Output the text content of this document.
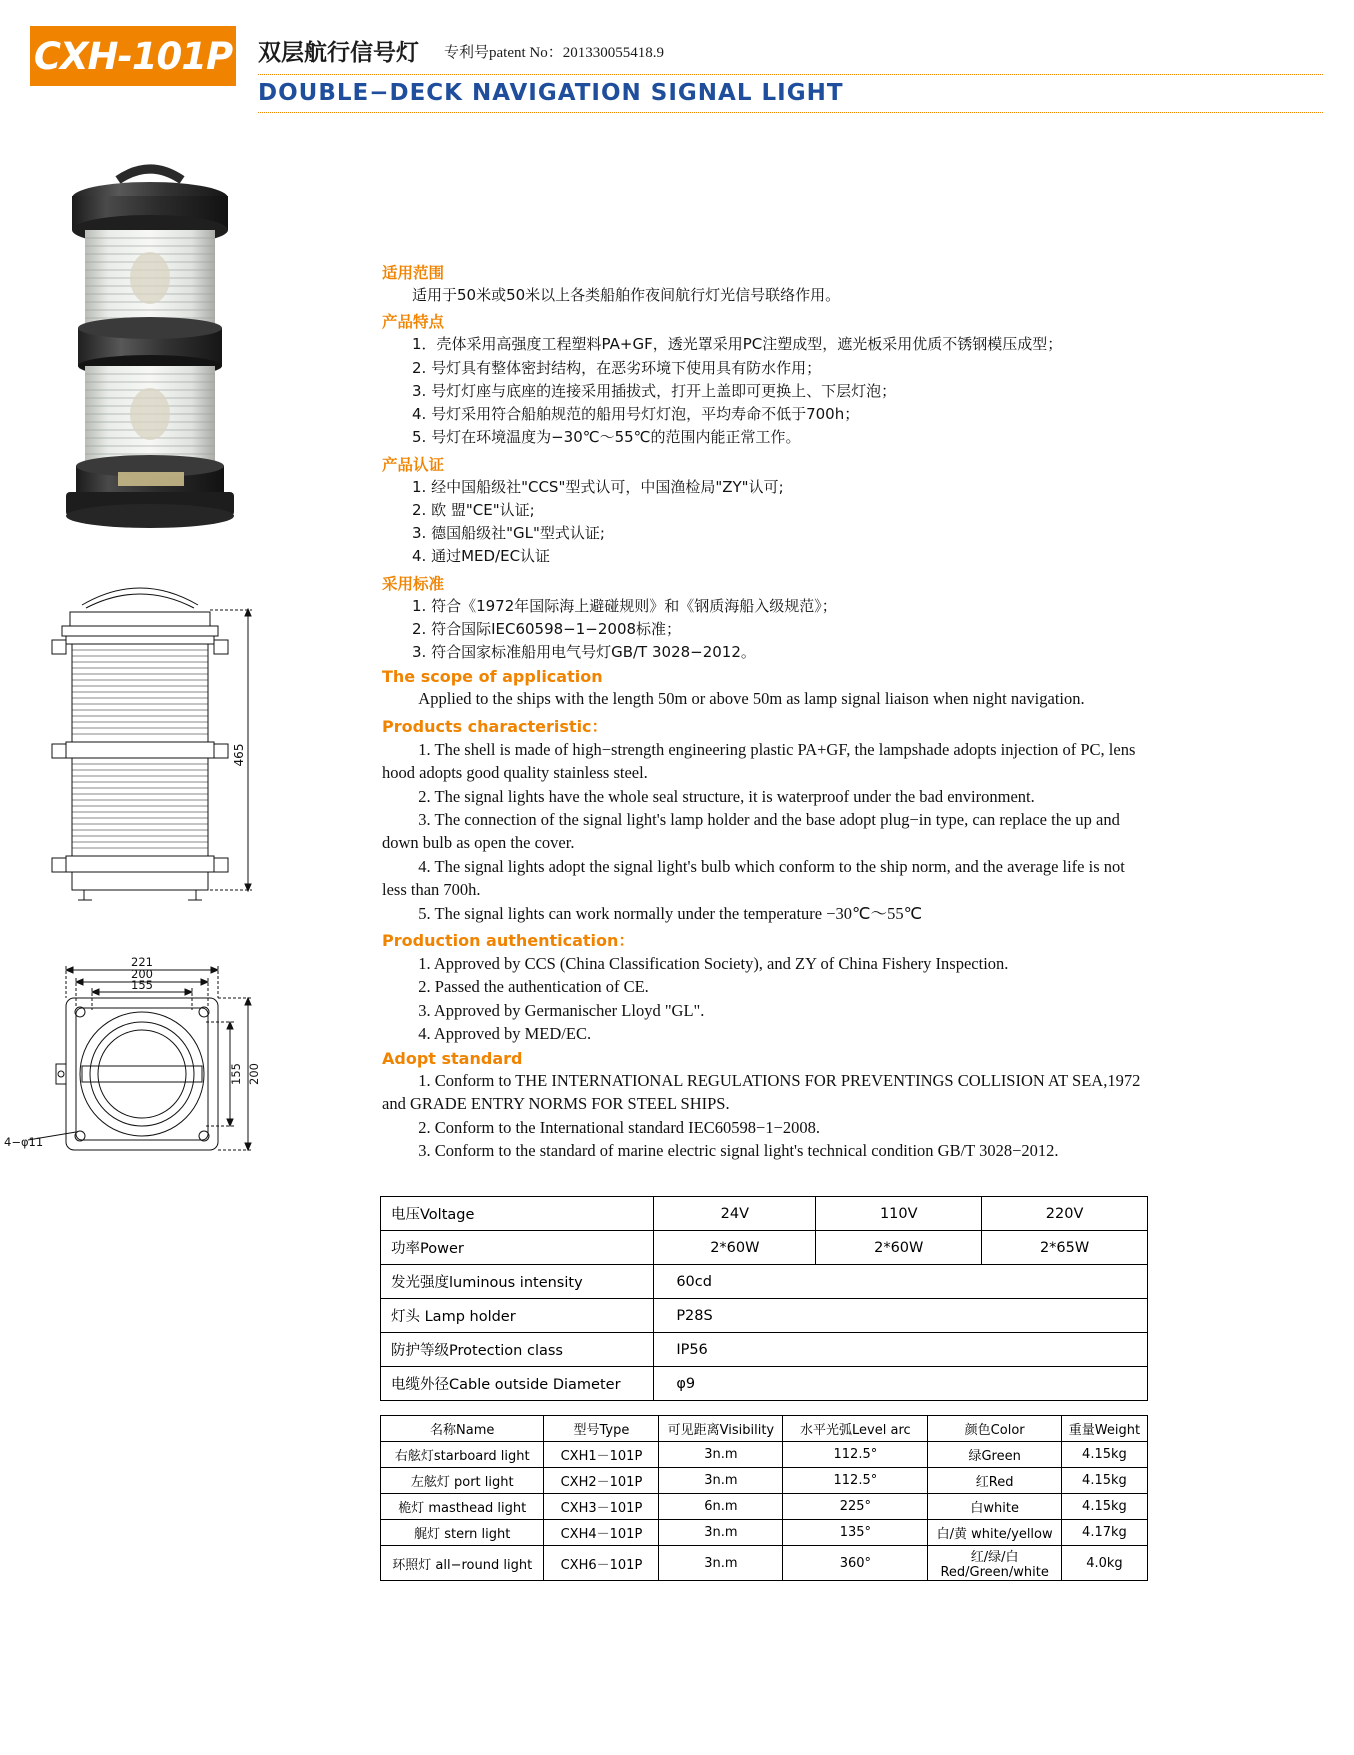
CXH-101P 双层航行信号灯 专利号patent No：201330055418.9
DOUBLE−DECK NAVIGATION SIGNAL LIGHT
465
221
200
155
200
155
4−φ11
适用范围

适用于50米或50米以上各类船舶作夜间航行灯光信号联络作用。

产品特点

1．壳体采用高强度工程塑料PA+GF，透光罩采用PC注塑成型，遮光板采用优质不锈钢模压成型；

2. 号灯具有整体密封结构，在恶劣环境下使用具有防水作用；

3. 号灯灯座与底座的连接采用插拔式，打开上盖即可更换上、下层灯泡；

4. 号灯采用符合船舶规范的船用号灯灯泡，平均寿命不低于700h；

5. 号灯在环境温度为−30℃～55℃的范围内能正常工作。

产品认证

1. 经中国船级社"CCS"型式认可，中国渔检局"ZY"认可;

2. 欧 盟"CE"认证;

3. 德国船级社"GL"型式认证;

4. 通过MED/EC认证

采用标准

1. 符合《1972年国际海上避碰规则》和《钢质海船入级规范》；

2. 符合国际IEC60598−1−2008标准；

3. 符合国家标准船用电气号灯GB/T 3028−2012。

The scope of application

Applied to the ships with the length 50m or above 50m as lamp signal liaison when night navigation.

Products characteristic：

1. The shell is made of high−strength engineering plastic PA+GF, the lampshade adopts injection of PC, lens hood adopts good quality stainless steel.

2. The signal lights have the whole seal structure, it is waterproof under the bad environment.

3. The connection of the signal light's lamp holder and the base adopt plug−in type, can replace the up and down bulb as open the cover.

4. The signal lights adopt the signal light's bulb which conform to the ship norm, and the average life is not less than 700h.

5. The signal lights can work normally under the temperature −30℃～55℃

Production authentication：

1. Approved by CCS (China Classification Society), and ZY of China Fishery Inspection.

2. Passed the authentication of CE.

3. Approved by Germanischer Lloyd "GL".

4. Approved by MED/EC.

Adopt standard

1. Conform to THE INTERNATIONAL REGULATIONS FOR PREVENTINGS COLLISION AT SEA,1972 and GRADE ENTRY NORMS FOR STEEL SHIPS.

2. Conform to the International standard IEC60598−1−2008.

3. Conform to the standard of marine electric signal light's technical condition GB/T 3028−2012.

电压Voltage	24V	110V	220V
功率Power	2*60W	2*60W	2*65W
发光强度luminous intensity	60cd		
灯头 Lamp holder	P28S		
防护等级Protection class	IP56		
电缆外径Cable outside Diameter	φ9		
名称Name	型号Type	可见距离Visibility	水平光弧Level arc	颜色Color	重量Weight
右舷灯starboard light	CXH1－101P	3n.m	112.5°	绿Green	4.15kg
左舷灯 port light	CXH2－101P	3n.m	112.5°	红Red	4.15kg
桅灯 masthead light	CXH3－101P	6n.m	225°	白white	4.15kg
艉灯 stern light	CXH4－101P	3n.m	135°	白/黄 white/yellow	4.17kg
环照灯 all−round light	CXH6－101P	3n.m	360°	红/绿/白 Red/Green/white	4.0kg
